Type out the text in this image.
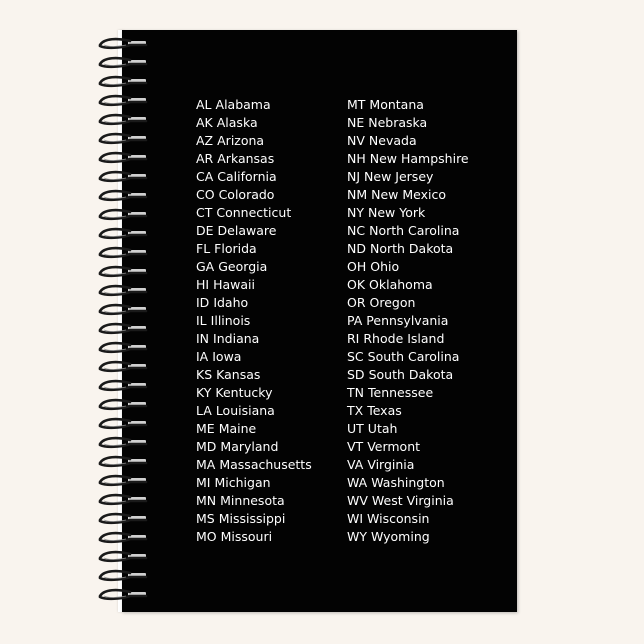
AL Alabama
AK Alaska
AZ Arizona
AR Arkansas
CA California
CO Colorado
CT Connecticut
DE Delaware
FL Florida
GA Georgia
HI Hawaii
ID Idaho
IL Illinois
IN Indiana
IA Iowa
KS Kansas
KY Kentucky
LA Louisiana
ME Maine
MD Maryland
MA Massachusetts
MI Michigan
MN Minnesota
MS Mississippi
MO Missouri
MT Montana
NE Nebraska
NV Nevada
NH New Hampshire
NJ New Jersey
NM New Mexico
NY New York
NC North Carolina
ND North Dakota
OH Ohio
OK Oklahoma
OR Oregon
PA Pennsylvania
RI Rhode Island
SC South Carolina
SD South Dakota
TN Tennessee
TX Texas
UT Utah
VT Vermont
VA Virginia
WA Washington
WV West Virginia
WI Wisconsin
WY Wyoming
